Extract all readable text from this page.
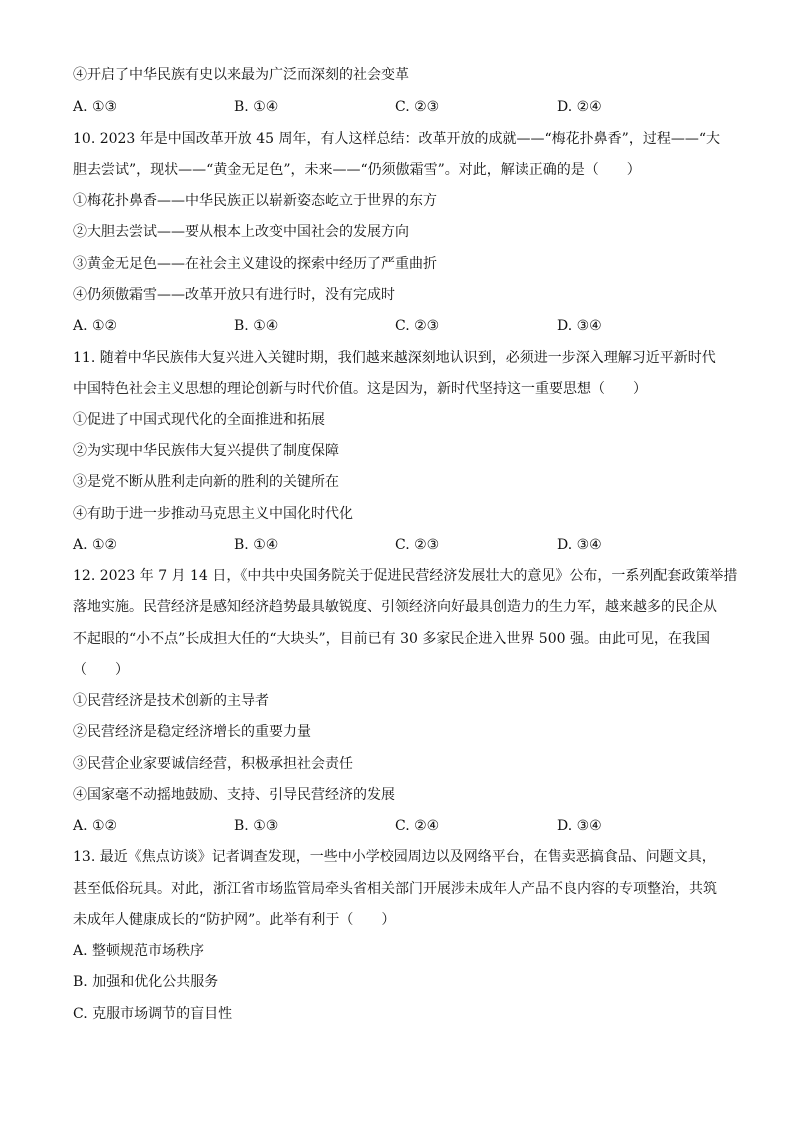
④开启了中华民族有史以来最为广泛而深刻的社会变革
A. ①③	B. ①④	C. ②③	D. ②④
10. 2023 年是中国改革开放 45 周年，有人这样总结：改革开放的成就——“梅花扑鼻香”，过程——“大
胆去尝试”，现状——“黄金无足色”，未来——“仍须傲霜雪”。对此，解读正确的是（　　）
①梅花扑鼻香——中华民族正以崭新姿态屹立于世界的东方
②大胆去尝试——要从根本上改变中国社会的发展方向
③黄金无足色——在社会主义建设的探索中经历了严重曲折
④仍须傲霜雪——改革开放只有进行时，没有完成时
A. ①②	B. ①④	C. ②③	D. ③④
11. 随着中华民族伟大复兴进入关键时期，我们越来越深刻地认识到，必须进一步深入理解习近平新时代
中国特色社会主义思想的理论创新与时代价值。这是因为，新时代坚持这一重要思想（　　）
①促进了中国式现代化的全面推进和拓展
②为实现中华民族伟大复兴提供了制度保障
③是党不断从胜利走向新的胜利的关键所在
④有助于进一步推动马克思主义中国化时代化
A. ①②	B. ①④	C. ②③	D. ③④
12. 2023 年 7 月 14 日，《中共中央国务院关于促进民营经济发展壮大的意见》公布，一系列配套政策举措
落地实施。民营经济是感知经济趋势最具敏锐度、引领经济向好最具创造力的生力军，越来越多的民企从
不起眼的“小不点”长成担大任的“大块头”，目前已有 30 多家民企进入世界 500 强。由此可见，在我国
（　　）
①民营经济是技术创新的主导者
②民营经济是稳定经济增长的重要力量
③民营企业家要诚信经营，积极承担社会责任
④国家毫不动摇地鼓励、支持、引导民营经济的发展
A. ①②	B. ①③	C. ②④	D. ③④
13. 最近《焦点访谈》记者调查发现，一些中小学校园周边以及网络平台，在售卖恶搞食品、问题文具，
甚至低俗玩具。对此，浙江省市场监管局牵头省相关部门开展涉未成年人产品不良内容的专项整治，共筑
未成年人健康成长的“防护网”。此举有利于（　　）
A. 整顿规范市场秩序
B. 加强和优化公共服务
C. 克服市场调节的盲目性
